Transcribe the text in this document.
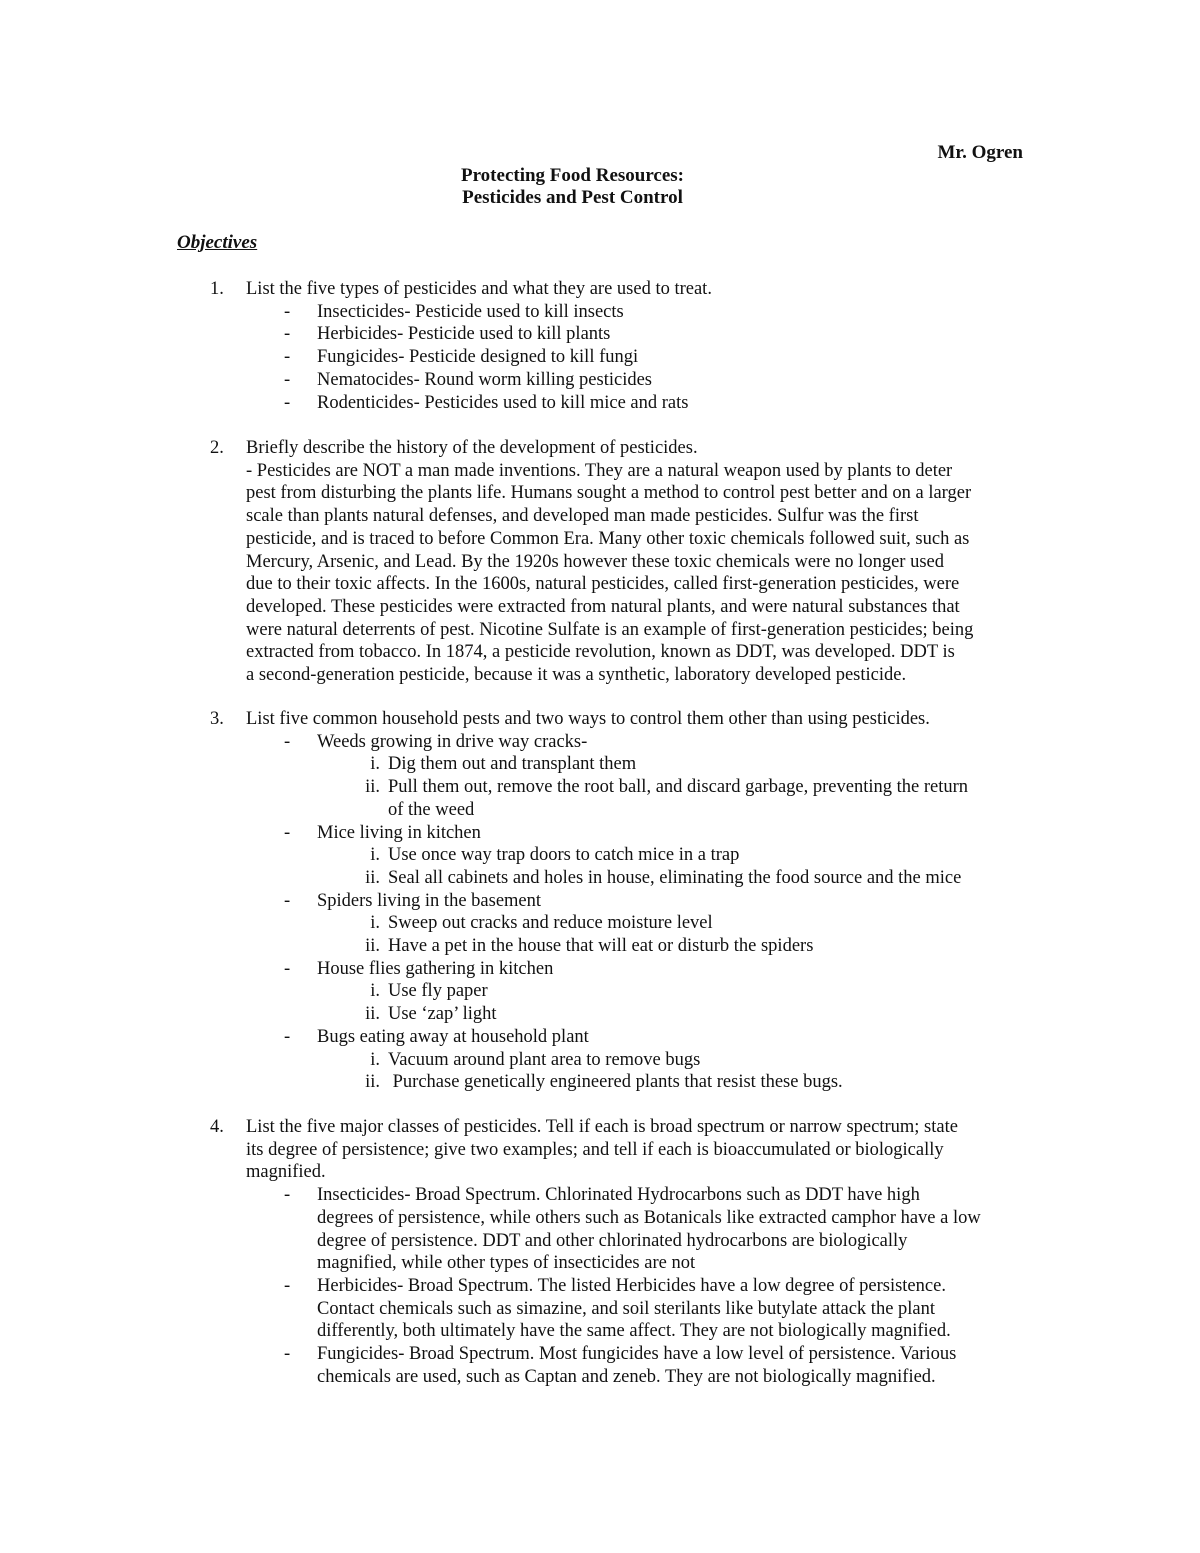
Mr. Ogren
Protecting Food Resources:
Pesticides and Pest Control
Objectives
1. List the five types of pesticides and what they are used to treat.
- Insecticides- Pesticide used to kill insects
- Herbicides- Pesticide used to kill plants
- Fungicides- Pesticide designed to kill fungi
- Nematocides- Round worm killing pesticides
- Rodenticides- Pesticides used to kill mice and rats
2. Briefly describe the history of the development of pesticides.
- Pesticides are NOT a man made inventions. They are a natural weapon used by plants to deter
pest from disturbing the plants life. Humans sought a method to control pest better and on a larger
scale than plants natural defenses, and developed man made pesticides. Sulfur was the first
pesticide, and is traced to before Common Era. Many other toxic chemicals followed suit, such as
Mercury, Arsenic, and Lead. By the 1920s however these toxic chemicals were no longer used
due to their toxic affects. In the 1600s, natural pesticides, called first-generation pesticides, were
developed. These pesticides were extracted from natural plants, and were natural substances that
were natural deterrents of pest. Nicotine Sulfate is an example of first-generation pesticides; being
extracted from tobacco. In 1874, a pesticide revolution, known as DDT, was developed. DDT is
a second-generation pesticide, because it was a synthetic, laboratory developed pesticide.
3. List five common household pests and two ways to control them other than using pesticides.
- Weeds growing in drive way cracks-
i. Dig them out and transplant them
ii. Pull them out, remove the root ball, and discard garbage, preventing the return
of the weed
- Mice living in kitchen
i. Use once way trap doors to catch mice in a trap
ii. Seal all cabinets and holes in house, eliminating the food source and the mice
- Spiders living in the basement
i. Sweep out cracks and reduce moisture level
ii. Have a pet in the house that will eat or disturb the spiders
- House flies gathering in kitchen
i. Use fly paper
ii. Use ‘zap’ light
- Bugs eating away at household plant
i. Vacuum around plant area to remove bugs
ii. Purchase genetically engineered plants that resist these bugs.
4. List the five major classes of pesticides. Tell if each is broad spectrum or narrow spectrum; state
its degree of persistence; give two examples; and tell if each is bioaccumulated or biologically
magnified.
- Insecticides- Broad Spectrum. Chlorinated Hydrocarbons such as DDT have high
degrees of persistence, while others such as Botanicals like extracted camphor have a low
degree of persistence. DDT and other chlorinated hydrocarbons are biologically
magnified, while other types of insecticides are not
- Herbicides- Broad Spectrum. The listed Herbicides have a low degree of persistence.
Contact chemicals such as simazine, and soil sterilants like butylate attack the plant
differently, both ultimately have the same affect. They are not biologically magnified.
- Fungicides- Broad Spectrum. Most fungicides have a low level of persistence. Various
chemicals are used, such as Captan and zeneb. They are not biologically magnified.
